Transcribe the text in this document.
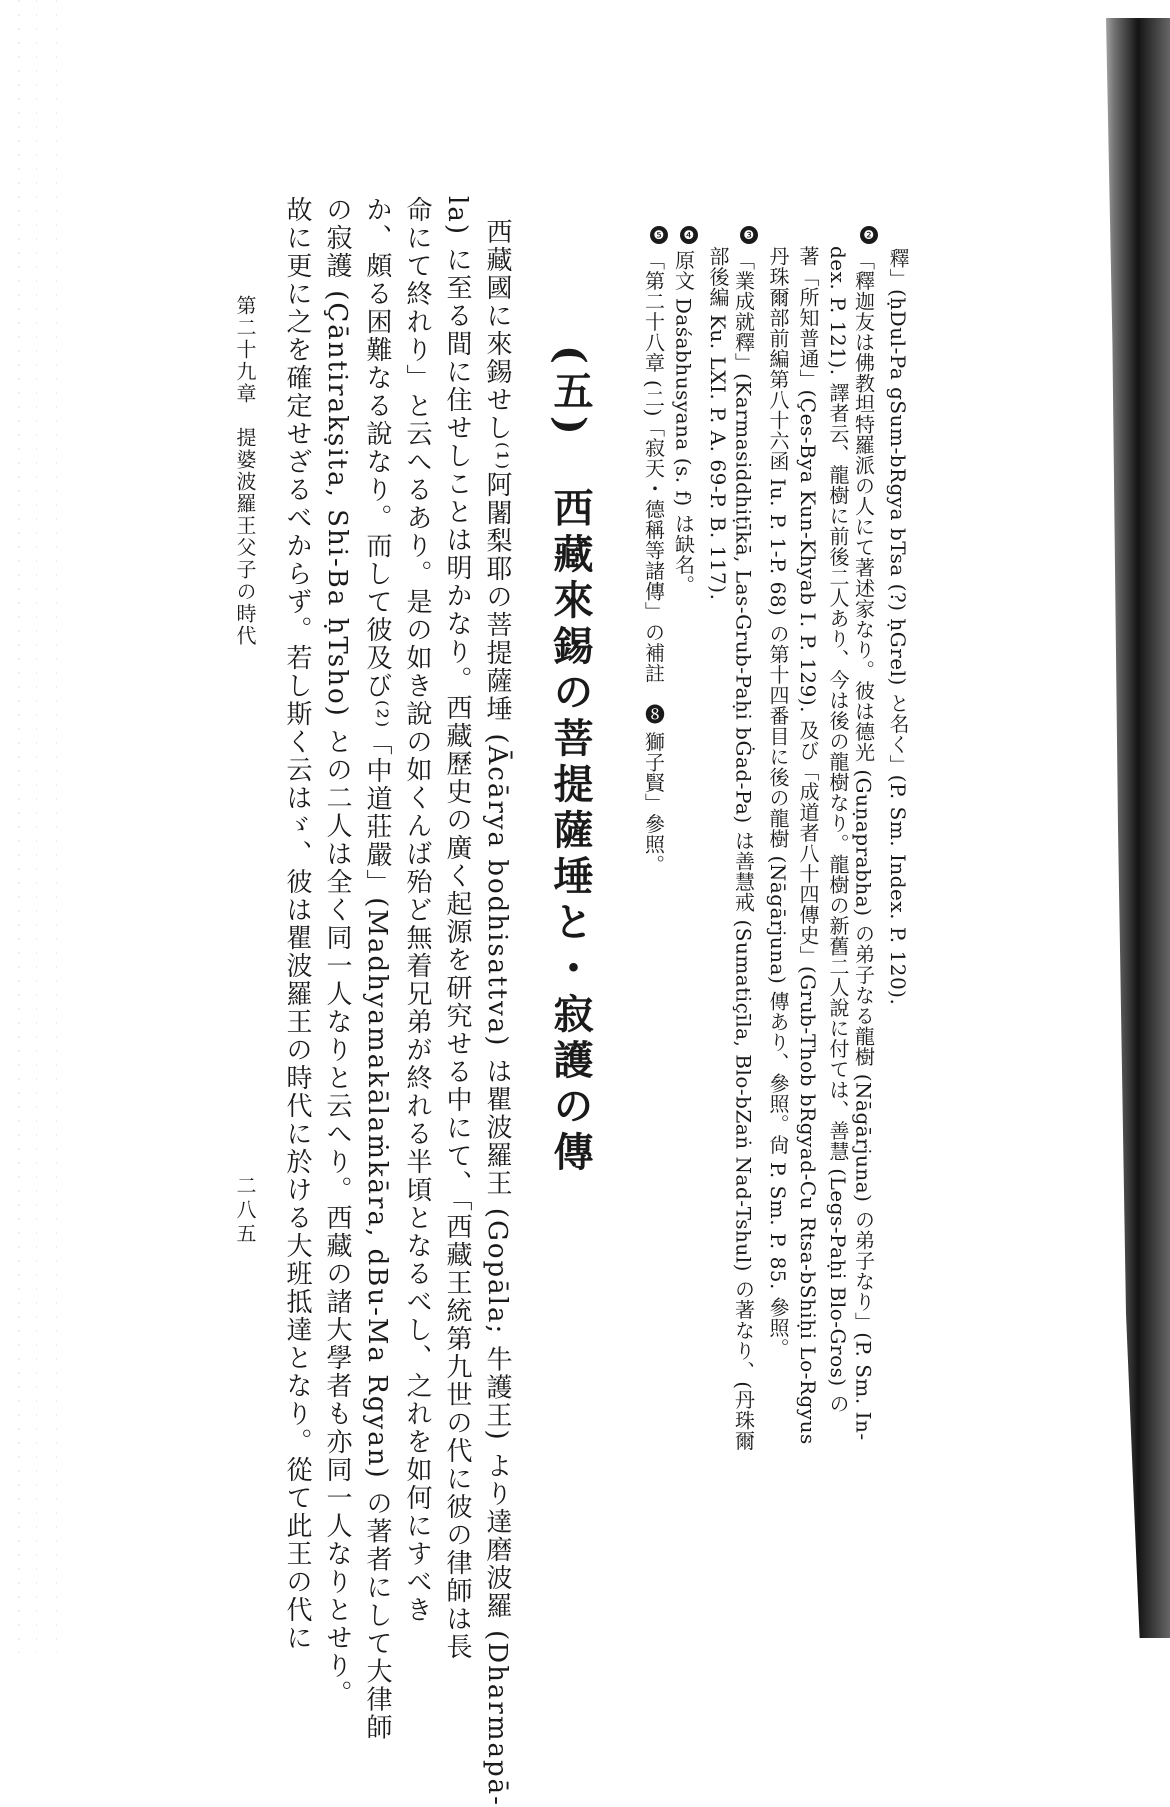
釋」(ḥDul-Pa gSum-bRgya bTsa (?) ḥGrel) と名く」(P. Sm. Index. P. 120).
❷「釋迦友は佛教坦特羅派の人にて著述家なり。彼は德光 (Guṇaprabha) の弟子なる龍樹 (Nāgārjuna) の弟子なり」(P. Sm. In-
dex. P. 121). 譯者云、龍樹に前後二人あり、今は後の龍樹なり。龍樹の新舊二人說に付ては、善慧 (Legs-Paḥi Blo-Gros) の
著「所知普通」(Çes-Bya Kun-Khyab I. P. 129). 及び「成道者八十四傳史」(Grub-Thob bRgyad-Cu Rtsa-bShiḥi Lo-Rgyus
丹珠爾部前編第八十六函 Iu. P. 1-P. 68) の第十四番目に後の龍樹 (Nāgārjuna) 傳あり、參照。尙 P. Sm. P. 85. 參照。
❸「業成就釋」(Karmasiddhiṭīkā, Las-Grub-Paḥi bĠad-Pa) は善慧戒 (Sumatiçīla, Blo-bZaṅ Nad-Tshul) の著なり、(丹珠爾
部後編 Ku. LXI. P. A. 69-P. B. 117).
❹原文 Daśabhusyana (s. f) は缺名。
❺「第二十八章 (二)「寂天・德稱等諸傳」の補註　❽ 獅子賢」參照。
(五)　西藏來錫の菩提薩埵と・寂護の傳
西藏國に來錫せし⁽¹⁾阿闍梨耶の菩提薩埵 (Ācārya bodhisattva) は瞿波羅王 (Gopāla; 牛護王) より達磨波羅 (Dharmapā-
la) に至る間に住せしことは明かなり。西藏歷史の廣く起源を研究せる中にて、「西藏王統第九世の代に彼の律師は長
命にて終れり」と云へるあり。是の如き說の如くんば殆ど無着兄弟が終れる半頃となるべし、之れを如何にすべき
か、頗る困難なる說なり。而して彼及び⁽²⁾「中道莊嚴」(Madhyamakālaṁkāra, dBu-Ma Rgyan) の著者にして大律師
の寂護 (Çāntirakṣita, Shi-Ba ḥTsho) との二人は全く同一人なりと云へり。西藏の諸大學者も亦同一人なりとせり。
故に更に之を確定せざるべからず。若し斯く云はゞ、彼は瞿波羅王の時代に於ける大班抵達となり。從て此王の代に
第二十九章　提婆波羅王父子の時代
二八五
